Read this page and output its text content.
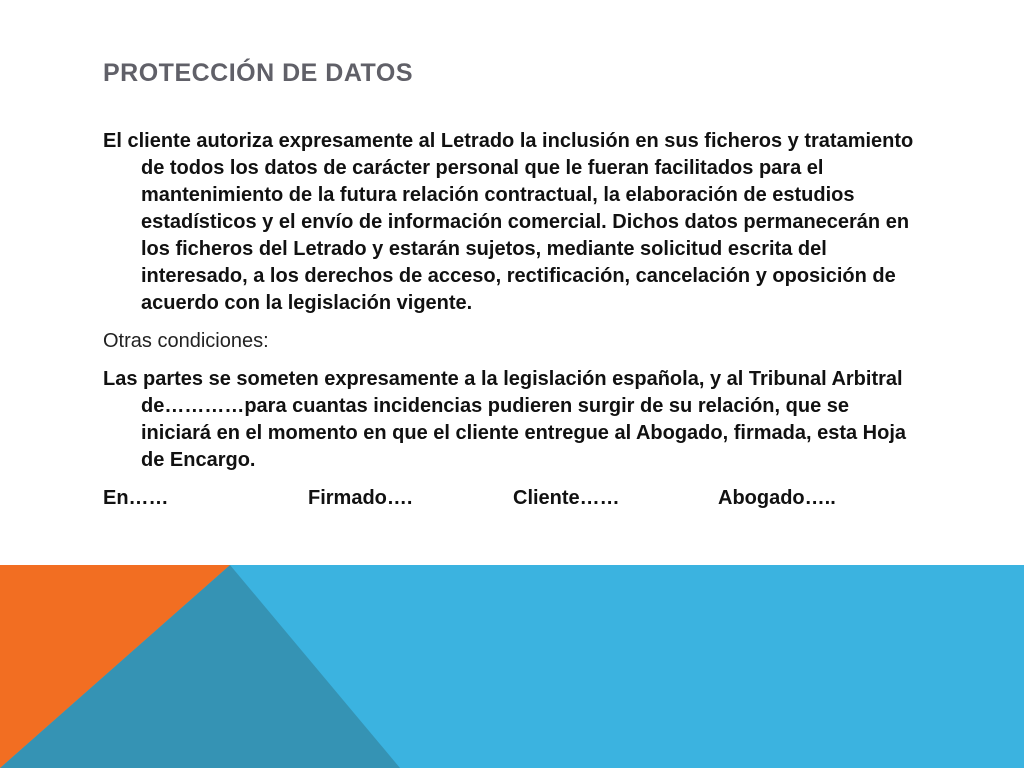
PROTECCIÓN DE DATOS

El cliente autoriza expresamente al Letrado la inclusión en sus ficheros y tratamiento de todos los datos de carácter personal que le fueran facilitados para el mantenimiento de la futura relación contractual, la elaboración de estudios estadísticos y el envío de información comercial. Dichos datos permanecerán en los ficheros del Letrado y estarán sujetos, mediante solicitud escrita del interesado, a los derechos de acceso, rectificación, cancelación y oposición de acuerdo con la legislación vigente.

Otras condiciones:

Las partes se someten expresamente a la legislación española, y al Tribunal Arbitral de…………para cuantas incidencias pudieren surgir de su relación, que se iniciará en el momento en que el cliente entregue al Abogado, firmada, esta Hoja de Encargo.

En……	Firmado….	Cliente……	Abogado…..
